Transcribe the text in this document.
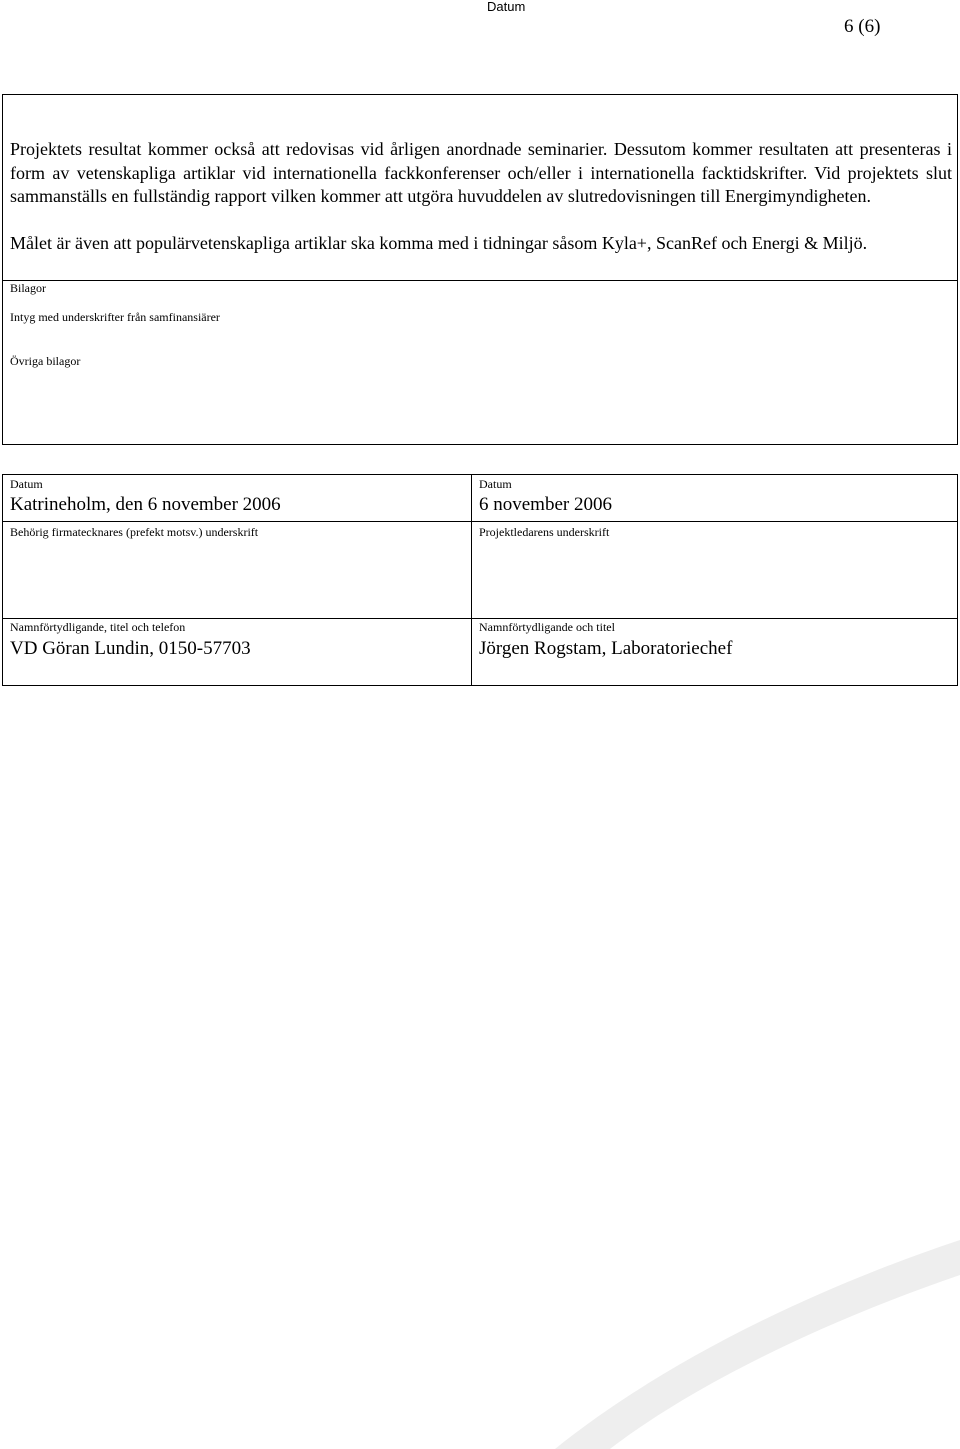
Datum
6 (6)

Projektets resultat kommer också att redovisas vid årligen anordnade seminarier. Dessutom kommer resultaten att presenteras i form av vetenskapliga artiklar vid internationella fackkonferenser och/eller i internationella facktidskrifter. Vid projektets slut sammanställs en fullständig rapport vilken kommer att utgöra huvuddelen av slutredovisningen till Energimyndigheten.

Målet är även att populärvetenskapliga artiklar ska komma med i tidningar såsom Kyla+, ScanRef och Energi & Miljö.

Bilagor
Intyg med underskrifter från samfinansiärer
Övriga bilagor
Datum
Katrineholm, den 6 november 2006
Behörig firmatecknares (prefekt motsv.) underskrift
Namnförtydligande, titel och telefon
VD Göran Lundin, 0150-57703
Datum
6 november 2006
Projektledarens underskrift
Namnförtydligande och titel
Jörgen Rogstam, Laboratoriechef
